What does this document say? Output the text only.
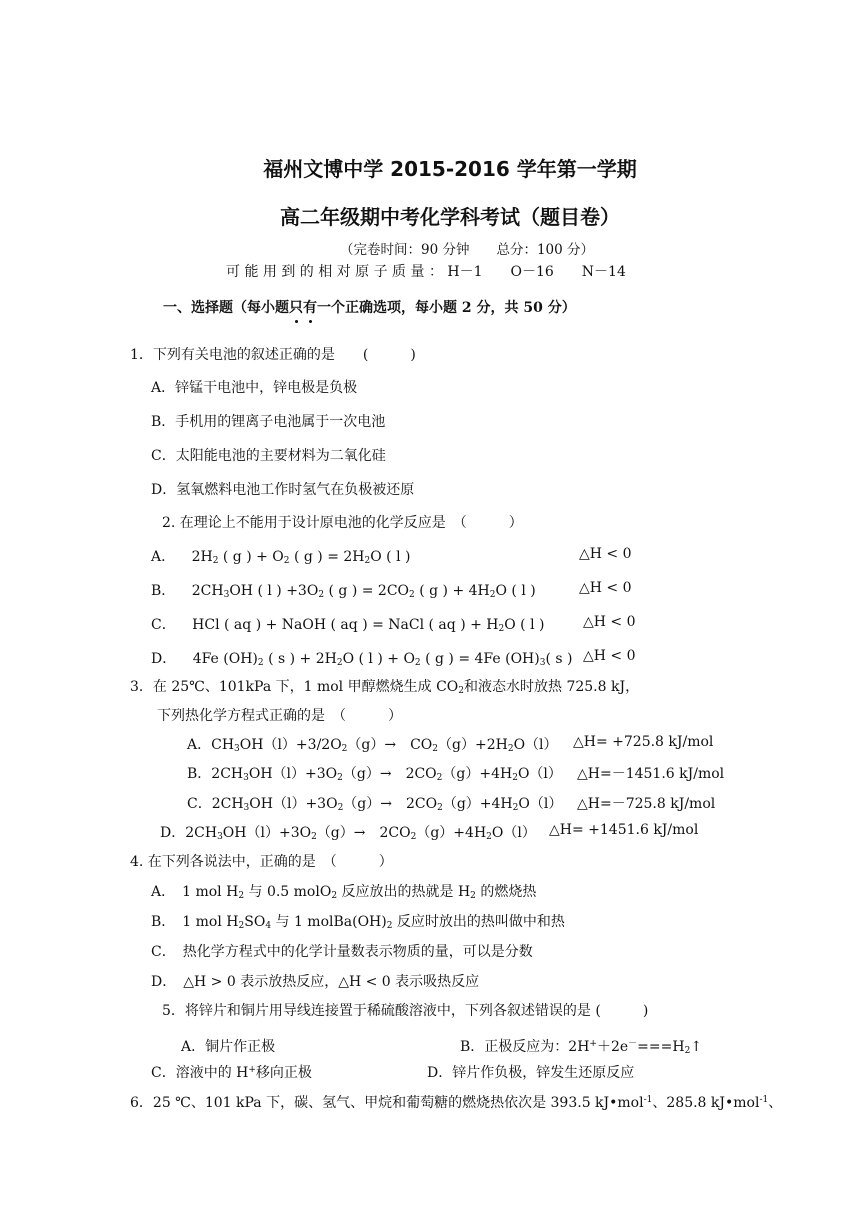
福州文博中学 2015-2016 学年第一学期
高二年级期中考化学科考试（题目卷）
（完卷时间：90 分钟　　总分：100 分）
可 能 用 到 的 相 对 原 子 质 量 ： H－1　　O－16　　N－14
一、选择题（每小题只有一个正确选项，每小题 2 分，共 50 分）
1．下列有关电池的叙述正确的是　　(　　　)
A．锌锰干电池中，锌电极是负极
B．手机用的锂离子电池属于一次电池
C．太阳能电池的主要材料为二氧化硅
D．氢氧燃料电池工作时氢气在负极被还原
2. 在理论上不能用于设计原电池的化学反应是　（　　　）
A． $2H_2$ ( g ) + $O_2$ ( g ) = $2H_2O$ ( l )	△H < 0
B． $2CH_3OH$ ( l ) $+3O_2$ ( g ) = $2CO_2$ ( g ) + $4H_2O$ ( l )	△H < 0
C． HCl ( aq ) + NaOH ( aq ) = NaCl ( aq ) + $H_2O$ ( l )	△H < 0
D． 4Fe $(OH)_2$ ( s ) + $2H_2O$ ( l ) + $O_2$ ( g ) = 4Fe $(OH)_3$( s ) △H < 0
3．在 25℃、101kPa 下，1 mol 甲醇燃烧生成 $CO_2$和液态水时放热 725.8 kJ，
下列热化学方程式正确的是　（　　　）
A．$CH_3OH(l)+3/2O_2(g)\to$　$CO_2(g)+2H_2O(l)$ △H= +725.8 kJ/mol
B．$2CH_3OH(l)+3O_2(g)\to$　$2CO_2(g)+4H_2O(l)$ △H=－1451.6 kJ/mol
C．$2CH_3OH(l)+3O_2(g)\to$　$2CO_2(g)+4H_2O(l)$ △H=－725.8 kJ/mol
D．$2CH_3OH(l)+3O_2(g)\to$　$2CO_2(g)+4H_2O(l)$ △H= +1451.6 kJ/mol
4. 在下列各说法中，正确的是　（　　　）
A．　1 mol $H_2$ 与 0.5 molO$_2$ 反应放出的热就是 $H_2$ 的燃烧热
B．　1 mol $H_2SO_4$ 与 1 $molBa(OH)_2$ 反应时放出的热叫做中和热
C．　热化学方程式中的化学计量数表示物质的量，可以是分数
D．　△H > 0 表示放热反应，△H < 0 表示吸热反应
5．将锌片和铜片用导线连接置于稀硫酸溶液中，下列各叙述错误的是 (　　　)
A．铜片作正极	B．正极反应为：$2H^++2e^-===H_2↑$
C．溶液中的 H+移向正极	D．锌片作负极，锌发生还原反应
6．25 ℃、101 kPa 下，碳、氢气、甲烷和葡萄糖的燃烧热依次是 393.5 kJ•mol$^{-1}$、285.8 kJ•mol$^{-1}$、
